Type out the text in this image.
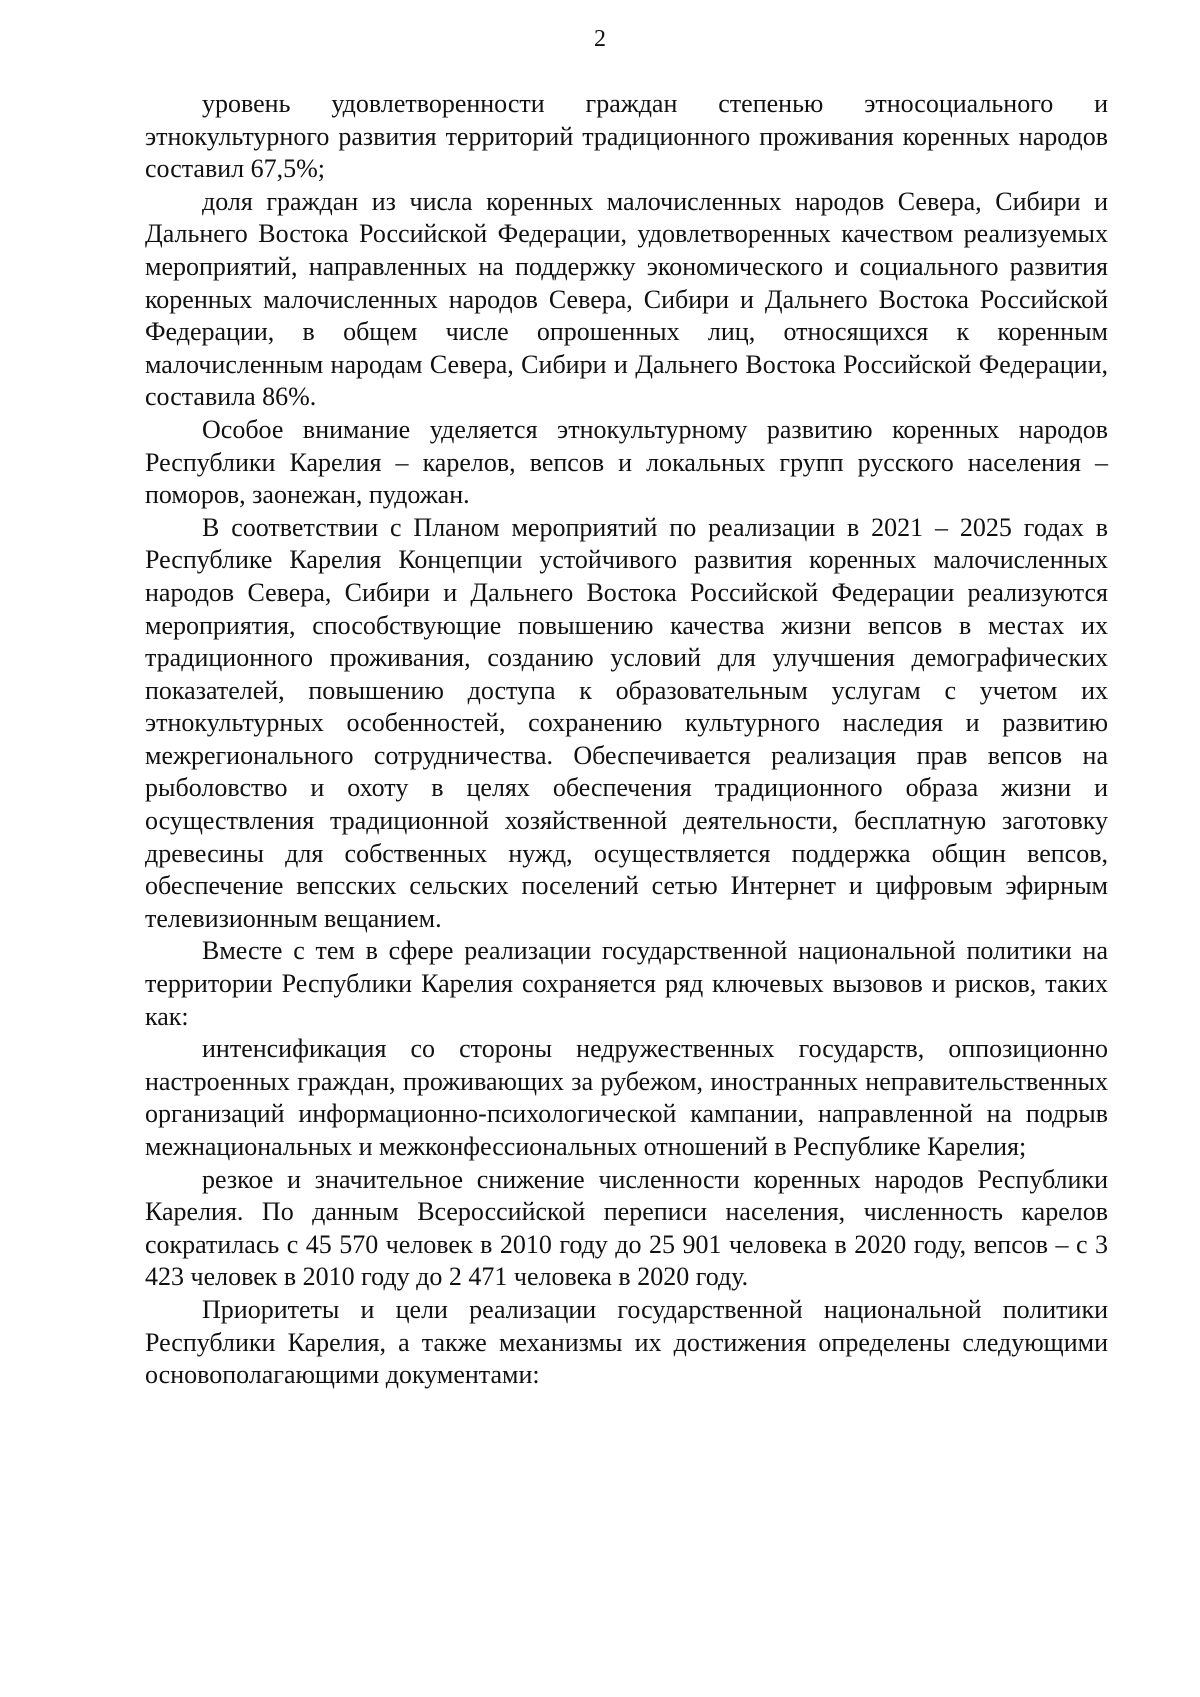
2

уровень удовлетворенности граждан степенью этносоциального и этнокультурного развития территорий традиционного проживания коренных народов составил 67,5%;

доля граждан из числа коренных малочисленных народов Севера, Сибири и Дальнего Востока Российской Федерации, удовлетворенных качеством реализуемых мероприятий, направленных на поддержку экономического и социального развития коренных малочисленных народов Севера, Сибири и Дальнего Востока Российской Федерации, в общем числе опрошенных лиц, относящихся к коренным малочисленным народам Севера, Сибири и Дальнего Востока Российской Федерации, составила 86%.

Особое внимание уделяется этнокультурному развитию коренных народов Республики Карелия – карелов, вепсов и локальных групп русского населения – поморов, заонежан, пудожан.

В соответствии с Планом мероприятий по реализации в 2021 – 2025 годах в Республике Карелия Концепции устойчивого развития коренных малочисленных народов Севера, Сибири и Дальнего Востока Российской Федерации реализуются мероприятия, способствующие повышению качества жизни вепсов в местах их традиционного проживания, созданию условий для улучшения демографических показателей, повышению доступа к образовательным услугам с учетом их этнокультурных особенностей, сохранению культурного наследия и развитию межрегионального сотрудничества. Обеспечивается реализация прав вепсов на рыболовство и охоту в целях обеспечения традиционного образа жизни и осуществления традиционной хозяйственной деятельности, бесплатную заготовку древесины для собственных нужд, осуществляется поддержка общин вепсов, обеспечение вепсских сельских поселений сетью Интернет и цифровым эфирным телевизионным вещанием.

Вместе с тем в сфере реализации государственной национальной политики на территории Республики Карелия сохраняется ряд ключевых вызовов и рисков, таких как:

интенсификация со стороны недружественных государств, оппозиционно настроенных граждан, проживающих за рубежом, иностранных неправительственных организаций информационно-психологической кампании, направленной на подрыв межнациональных и межконфессиональных отношений в Республике Карелия;

резкое и значительное снижение численности коренных народов Республики Карелия. По данным Всероссийской переписи населения, численность карелов сократилась с 45 570 человек в 2010 году до 25 901 человека в 2020 году, вепсов – с 3 423 человек в 2010 году до 2 471 человека в 2020 году.

Приоритеты и цели реализации государственной национальной политики Республики Карелия, а также механизмы их достижения определены следующими основополагающими документами:
